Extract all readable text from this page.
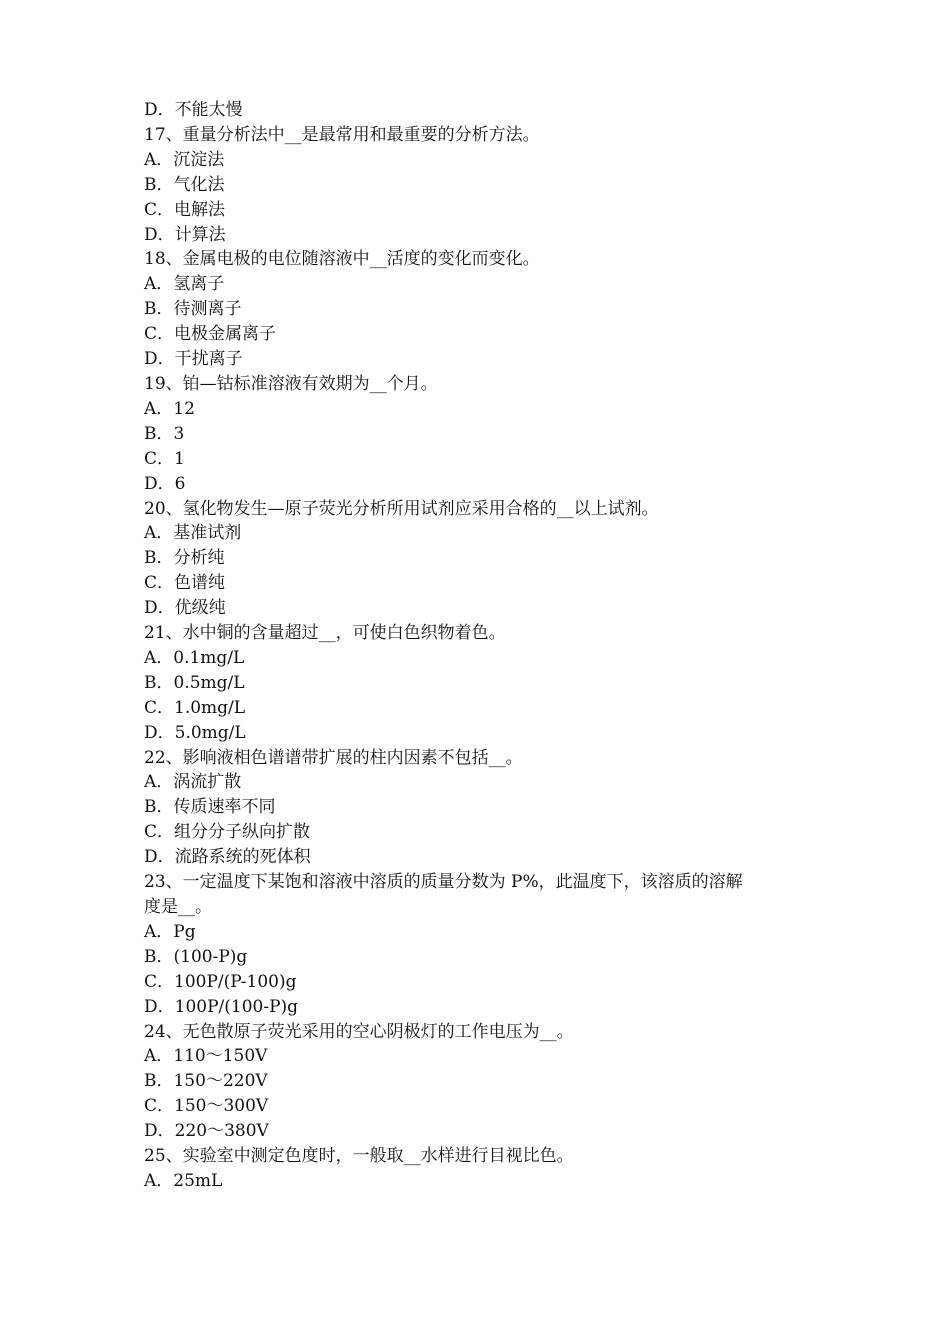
D．不能太慢

17、重量分析法中__是最常用和最重要的分析方法。

A．沉淀法

B．气化法

C．电解法

D．计算法

18、金属电极的电位随溶液中__活度的变化而变化。

A．氢离子

B．待测离子

C．电极金属离子

D．干扰离子

19、铂—钴标准溶液有效期为__个月。

A．12

B．3

C．1

D．6

20、氢化物发生—原子荧光分析所用试剂应采用合格的__以上试剂。

A．基准试剂

B．分析纯

C．色谱纯

D．优级纯

21、水中铜的含量超过__，可使白色织物着色。

A．0.1mg/L

B．0.5mg/L

C．1.0mg/L

D．5.0mg/L

22、影响液相色谱谱带扩展的柱内因素不包括__。

A．涡流扩散

B．传质速率不同

C．组分分子纵向扩散

D．流路系统的死体积

23、一定温度下某饱和溶液中溶质的质量分数为 P%，此温度下，该溶质的溶解

度是__。

A．Pg

B．(100-P)g

C．100P/(P-100)g

D．100P/(100-P)g

24、无色散原子荧光采用的空心阴极灯的工作电压为__。

A．110～150V

B．150～220V

C．150～300V

D．220～380V

25、实验室中测定色度时，一般取__水样进行目视比色。

A．25mL
